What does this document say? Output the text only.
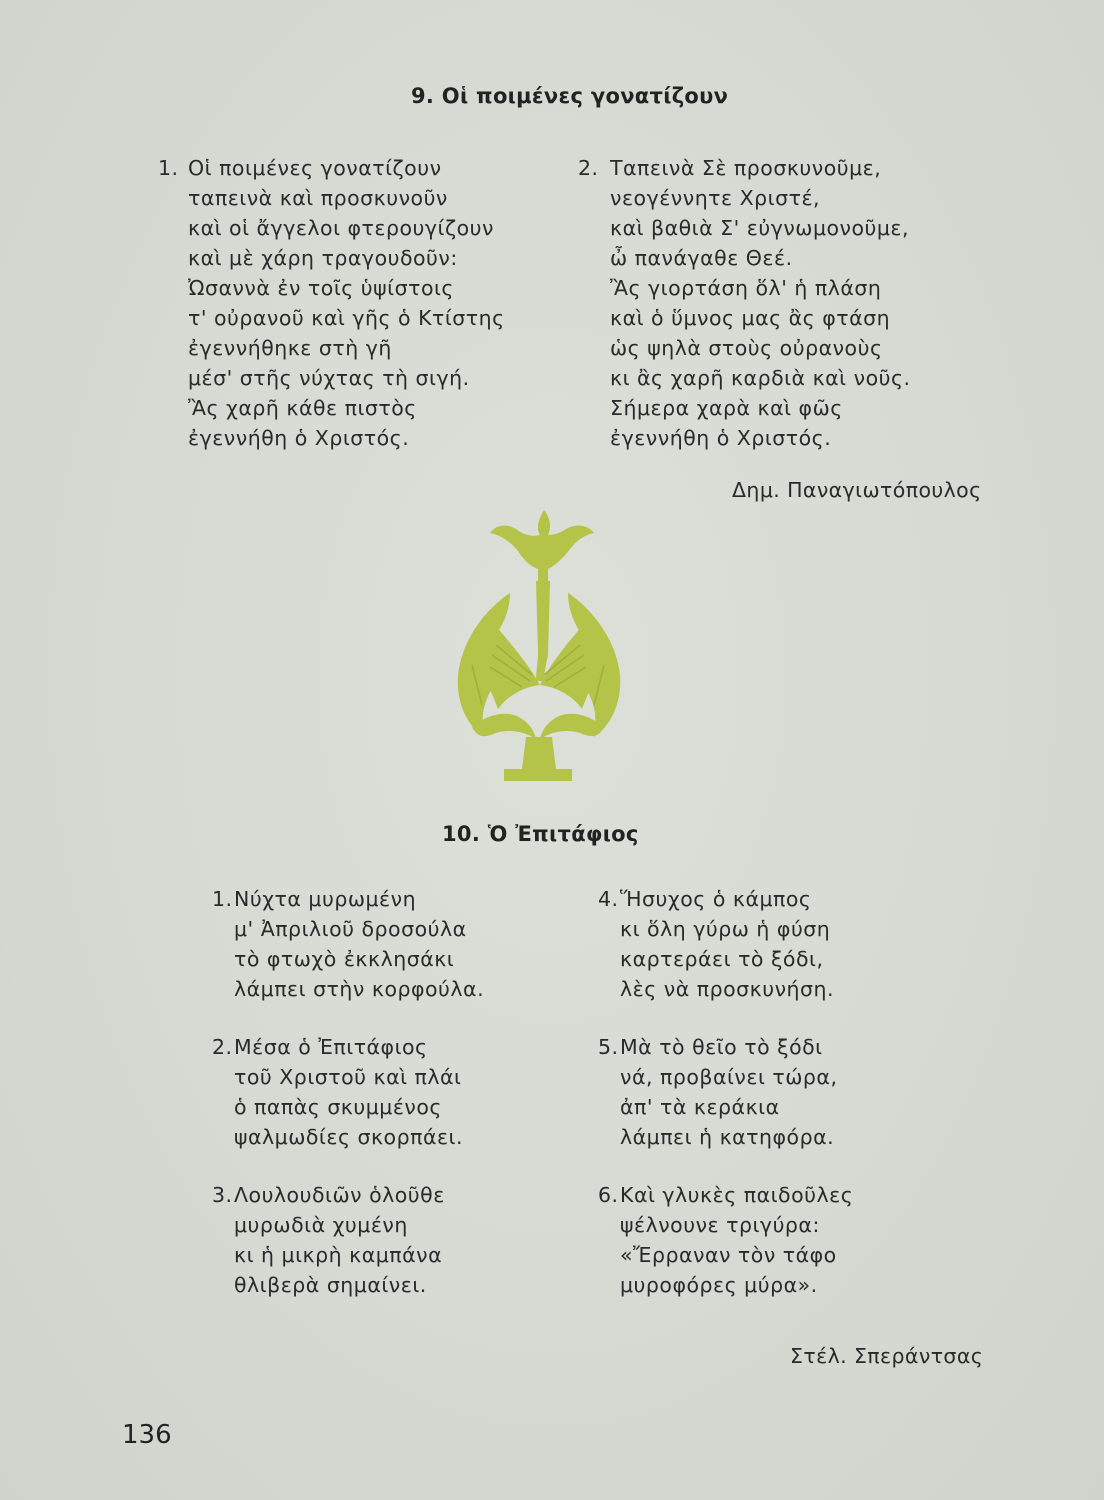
9. Οἱ ποιμένες γονατίζουν
1. Οἱ ποιμένες γονατίζουν
ταπεινὰ καὶ προσκυνοῦν
καὶ οἱ ἄγγελοι φτερουγίζουν
καὶ μὲ χάρη τραγουδοῦν:
Ὠσαννὰ ἐν τοῖς ὑψίστοις
τ' οὐρανοῦ καὶ γῆς ὁ Κτίστης
ἐγεννήθηκε στὴ γῆ
μέσ' στῆς νύχτας τὴ σιγή.
Ἂς χαρῆ κάθε πιστὸς
ἐγεννήθη ὁ Χριστός.
2. Ταπεινὰ Σὲ προσκυνοῦμε,
νεογέννητε Χριστέ,
καὶ βαθιὰ Σ' εὐγνωμονοῦμε,
ὦ πανάγαθε Θεέ.
Ἂς γιορτάση ὅλ' ἡ πλάση
καὶ ὁ ὕμνος μας ἂς φτάση
ὡς ψηλὰ στοὺς οὐρανοὺς
κι ἂς χαρῆ καρδιὰ καὶ νοῦς.
Σήμερα χαρὰ καὶ φῶς
ἐγεννήθη ὁ Χριστός.
Δημ. Παναγιωτόπουλος
10. Ὁ Ἐπιτάφιος
1. Νύχτα μυρωμένη
μ' Ἀπριλιοῦ δροσούλα
τὸ φτωχὸ ἐκκλησάκι
λάμπει στὴν κορφούλα.
2. Μέσα ὁ Ἐπιτάφιος
τοῦ Χριστοῦ καὶ πλάι
ὁ παπὰς σκυμμένος
ψαλμωδίες σκορπάει.
3. Λουλουδιῶν ὁλοῦθε
μυρωδιὰ χυμένη
κι ἡ μικρὴ καμπάνα
θλιβερὰ σημαίνει.
4. Ἥσυχος ὁ κάμπος
κι ὅλη γύρω ἡ φύση
καρτεράει τὸ ξόδι,
λὲς νὰ προσκυνήση.
5. Μὰ τὸ θεῖο τὸ ξόδι
νά, προβαίνει τώρα,
ἀπ' τὰ κεράκια
λάμπει ἡ κατηφόρα.
6. Καὶ γλυκὲς παιδοῦλες
ψέλνουνε τριγύρα:
«Ἔρραναν τὸν τάφο
μυροφόρες μύρα».
Στέλ. Σπεράντσας
136
